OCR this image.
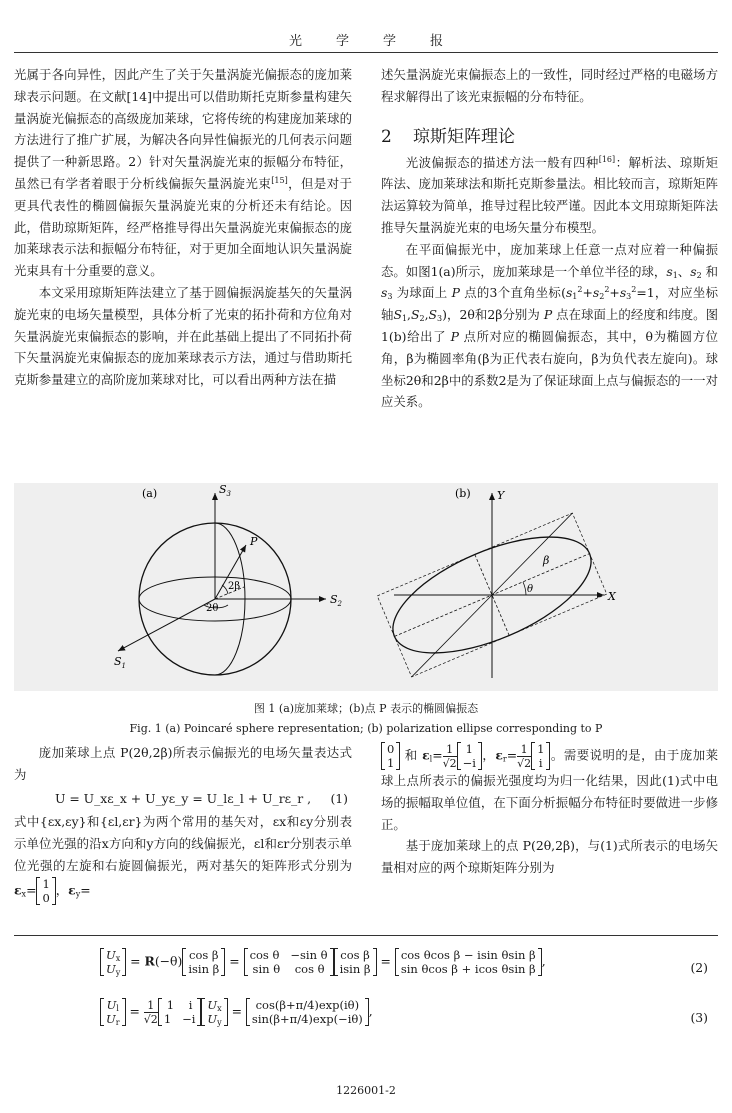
光学学报

光属于各向异性，因此产生了关于矢量涡旋光偏振态的庞加莱球表示问题。在文献[14]中提出可以借助斯托克斯参量构建矢量涡旋光偏振态的高级庞加莱球，它将传统的构建庞加莱球的方法进行了推广扩展，为解决各向异性偏振光的几何表示问题提供了一种新思路。2）针对矢量涡旋光束的振幅分布特征，虽然已有学者着眼于分析线偏振矢量涡旋光束[15]，但是对于更具代表性的椭圆偏振矢量涡旋光束的分析还未有结论。因此，借助琼斯矩阵，经严格推导得出矢量涡旋光束偏振态的庞加莱球表示法和振幅分布特征，对于更加全面地认识矢量涡旋光束具有十分重要的意义。

本文采用琼斯矩阵法建立了基于圆偏振涡旋基矢的矢量涡旋光束的电场矢量模型，具体分析了光束的拓扑荷和方位角对矢量涡旋光束偏振态的影响，并在此基础上提出了不同拓扑荷下矢量涡旋光束偏振态的庞加莱球表示方法，通过与借助斯托克斯参量建立的高阶庞加莱球对比，可以看出两种方法在描

述矢量涡旋光束偏振态上的一致性，同时经过严格的电磁场方程求解得出了该光束振幅的分布特征。

2 琼斯矩阵理论

光波偏振态的描述方法一般有四种[16]：解析法、琼斯矩阵法、庞加莱球法和斯托克斯参量法。相比较而言，琼斯矩阵法运算较为简单，推导过程比较严谨。因此本文用琼斯矩阵法推导矢量涡旋光束的电场矢量分布模型。

在平面偏振光中，庞加莱球上任意一点对应着一种偏振态。如图1(a)所示，庞加莱球是一个单位半径的球，$s_1$、$s_2$ 和 $s_3$ 为球面上 P 点的3个直角坐标($s_1^2+s_2^2+s_3^2=1$，对应坐标轴$S_1,S_2,S_3$)，2θ和2β分别为 P 点在球面上的经度和纬度。图1(b)给出了 P 点所对应的椭圆偏振态，其中，θ为椭圆方位角，β为椭圆率角(β为正代表右旋向，β为负代表左旋向)。球坐标2θ和2β中的系数2是为了保证球面上点与偏振态的一一对应关系。

(a)	$S_3$
$S_2$
$S_1$
P
2β
2θ
(b)
X
Y
β
θ
图 1 (a)庞加莱球；(b)点 P 表示的椭圆偏振态
Fig. 1 (a) Poincaré sphere representation; (b) polarization ellipse corresponding to P

庞加莱球上点 P(2θ,2β)所表示偏振光的电场矢量表达式为

U = U_xε_x + U_yε_y = U_lε_l + U_rε_r , (1)

式中{εx,εy}和{εl,εr}为两个常用的基矢对，εx和εy分别表示单位光强的沿x方向和y方向的线偏振光，εl和εr分别表示单位光强的左旋和右旋圆偏振光，两对基矢的矩阵形式分别为 $\varepsilon_x= 1$
0，$\varepsilon_y=$

0
1 和 $\varepsilon_l= 1$
√21
−i，$\varepsilon_r= 1$
√21
i。需要说明的是，由于庞加莱球上点所表示的偏振光强度均为归一化结果，因此(1)式中电场的振幅取单位值，在下面分析振幅分布特征时要做进一步修正。

基于庞加莱球上的点 P(2θ,2β)，与(1)式所表示的电场矢量相对应的两个琼斯矩阵分别为

$U_x$
$U_y = R(-\theta)$ cos β
isin β = cos θ   −sin θ
sin θ    cos θcos β
isin β = cos θcos β − isin θsin β
sin θcos β + icos θsin β,	(2)
$U_l$
$U_r = 1$
√21    i
$1 -iU_x$
$U_y = \cos(\beta+\pi/4)\exp(i\theta)$
sin(β+π/4)exp(−iθ),	(3)
1226001-2
